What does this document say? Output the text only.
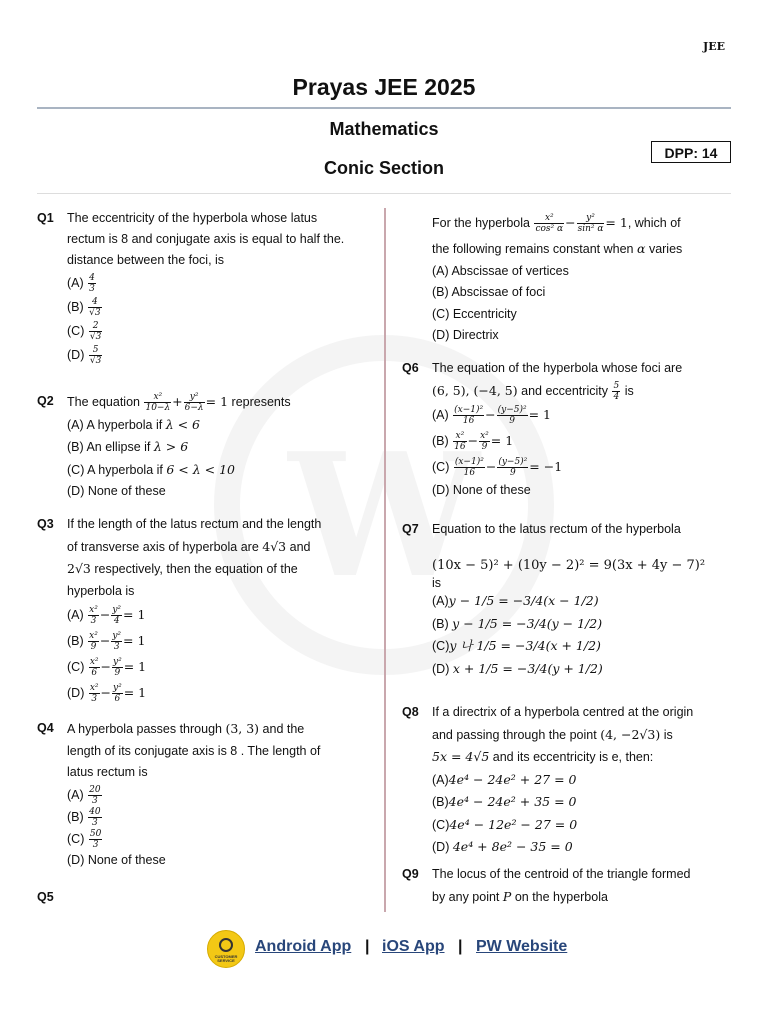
JEE
Prayas JEE 2025
Mathematics
DPP: 14
Conic Section
Q1 The eccentricity of the hyperbola whose latus rectum is 8 and conjugate axis is equal to half the. distance between the foci, is
$(A) \frac{4}{3}$
$(B) \frac{4}{√3}$
$(C) \frac{2}{√3}$
$(D) \frac{5}{√3}$
Q2 The equation $\frac{\text{x²}}{10-\lambda} + \frac{\text{y²}}{6-\lambda} = 1$ represents
(A) A hyperbola if λ < 6
(B) An ellipse if λ > 6
(C) A hyperbola if 6 < λ < 10
(D) None of these
Q3 If the length of the latus rectum and the length
of transverse axis of hyperbola are 4√3 and
2√3 respectively, then the equation of the
hyperbola is
$(A) \frac{\text{x²}}{3} - \frac{\text{y²}}{4} = 1$
$(B) \frac{\text{x²}}{9} - \frac{\text{y²}}{3} = 1$
$(C) \frac{\text{x²}}{6} - \frac{\text{y²}}{9} = 1$
$(D) \frac{\text{x²}}{3} - \frac{\text{y²}}{6} = 1$
Q4 A hyperbola passes through (3, 3) and the
length of its conjugate axis is 8 . The length of
latus rectum is
$(A) \frac{20}{3}$
$(B) \frac{40}{3}$
$(C) \frac{50}{3}$
(D) None of these
Q5
For the hyperbola $\frac{\text{x²}}{\text{cos² α}} - \frac{\text{y²}}{\text{sin² α}} = 1$, which of
the following remains constant when α varies
(A) Abscissae of vertices
(B) Abscissae of foci
(C) Eccentricity
(D) Directrix
Q6 The equation of the hyperbola whose foci are
(6, 5), (−4, 5) and eccentricity $\frac{5}{4}$ is
$(A) \frac{\text{(x−1)²}}{16} - \frac{\text{(y−5)²}}{9} = 1$
$(B) \frac{\text{x²}}{16} - \frac{\text{x²}}{9} = 1$
$(C) \frac{\text{(x−1)²}}{16} - \frac{\text{(y−5)²}}{9} = -1$
(D) None of these
Q7 Equation to the latus rectum of the hyperbola
(10x − 5)² + (10y − 2)² = 9(3x + 4y − 7)²
is
(A)y − 1/5 = −3/4(x − 1/2)
(B) y − 1/5 = −3/4(y − 1/2)
(C)y 나 1/5 = −3/4(x + 1/2)
(D) x + 1/5 = −3/4(y + 1/2)
Q8 If a directrix of a hyperbola centred at the origin
and passing through the point (4, −2√3) is
5x = 4√5 and its eccentricity is e, then:
(A)4e⁴ − 24e² + 27 = 0
(B)4e⁴ − 24e² + 35 = 0
(C)4e⁴ − 12e² − 27 = 0
(D) 4e⁴ + 8e² − 35 = 0
Q9 The locus of the centroid of the triangle formed
by any point P on the hyperbola
CUSTOMER SERVICE
Android App | iOS App | PW Website
